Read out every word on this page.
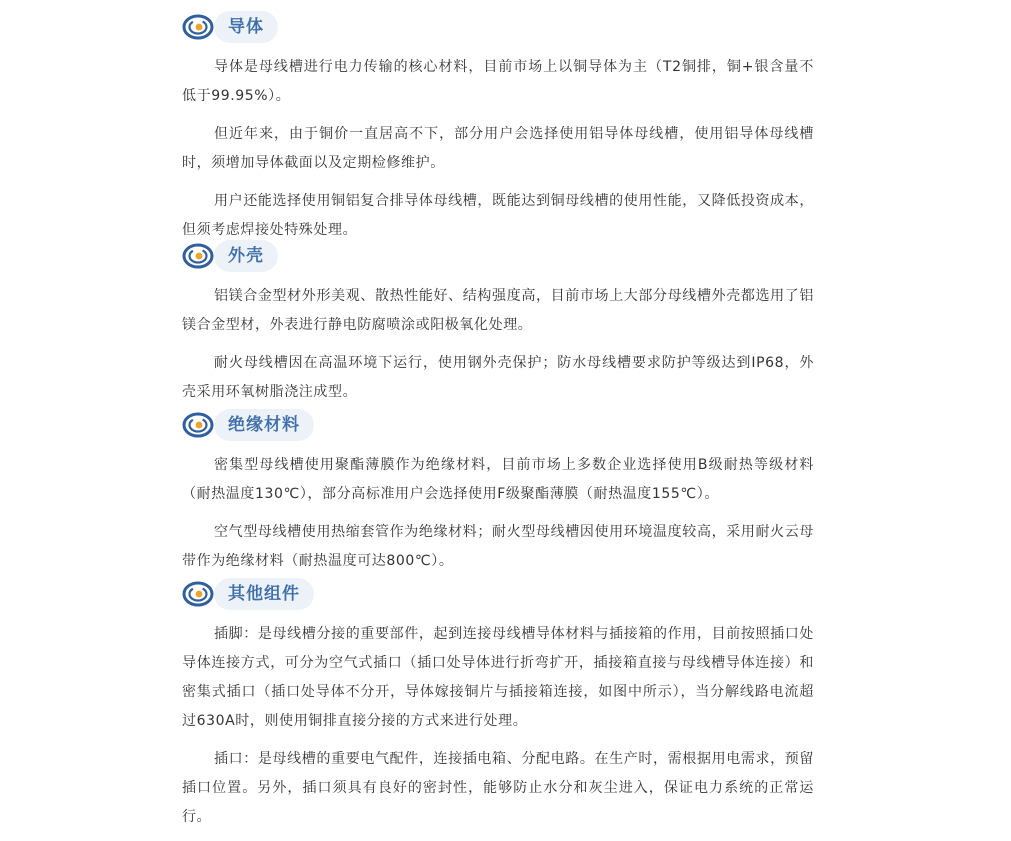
导体

导体是母线槽进行电力传输的核心材料，目前市场上以铜导体为主（T2铜排，铜+银含量不低于99.95%）。

但近年来，由于铜价一直居高不下，部分用户会选择使用铝导体母线槽，使用铝导体母线槽时，须增加导体截面以及定期检修维护。

用户还能选择使用铜铝复合排导体母线槽，既能达到铜母线槽的使用性能，又降低投资成本，但须考虑焊接处特殊处理。

外壳

铝镁合金型材外形美观、散热性能好、结构强度高，目前市场上大部分母线槽外壳都选用了铝镁合金型材，外表进行静电防腐喷涂或阳极氧化处理。

耐火母线槽因在高温环境下运行，使用钢外壳保护；防水母线槽要求防护等级达到IP68，外壳采用环氧树脂浇注成型。

绝缘材料

密集型母线槽使用聚酯薄膜作为绝缘材料，目前市场上多数企业选择使用B级耐热等级材料（耐热温度130℃），部分高标准用户会选择使用F级聚酯薄膜（耐热温度155℃）。

空气型母线槽使用热缩套管作为绝缘材料；耐火型母线槽因使用环境温度较高，采用耐火云母带作为绝缘材料（耐热温度可达800℃）。

其他组件

插脚：是母线槽分接的重要部件，起到连接母线槽导体材料与插接箱的作用，目前按照插口处导体连接方式，可分为空气式插口（插口处导体进行折弯扩开，插接箱直接与母线槽导体连接）和密集式插口（插口处导体不分开，导体嫁接铜片与插接箱连接，如图中所示），当分解线路电流超过630A时，则使用铜排直接分接的方式来进行处理。

插口：是母线槽的重要电气配件，连接插电箱、分配电路。在生产时，需根据用电需求，预留插口位置。另外，插口须具有良好的密封性，能够防止水分和灰尘进入，保证电力系统的正常运行。
